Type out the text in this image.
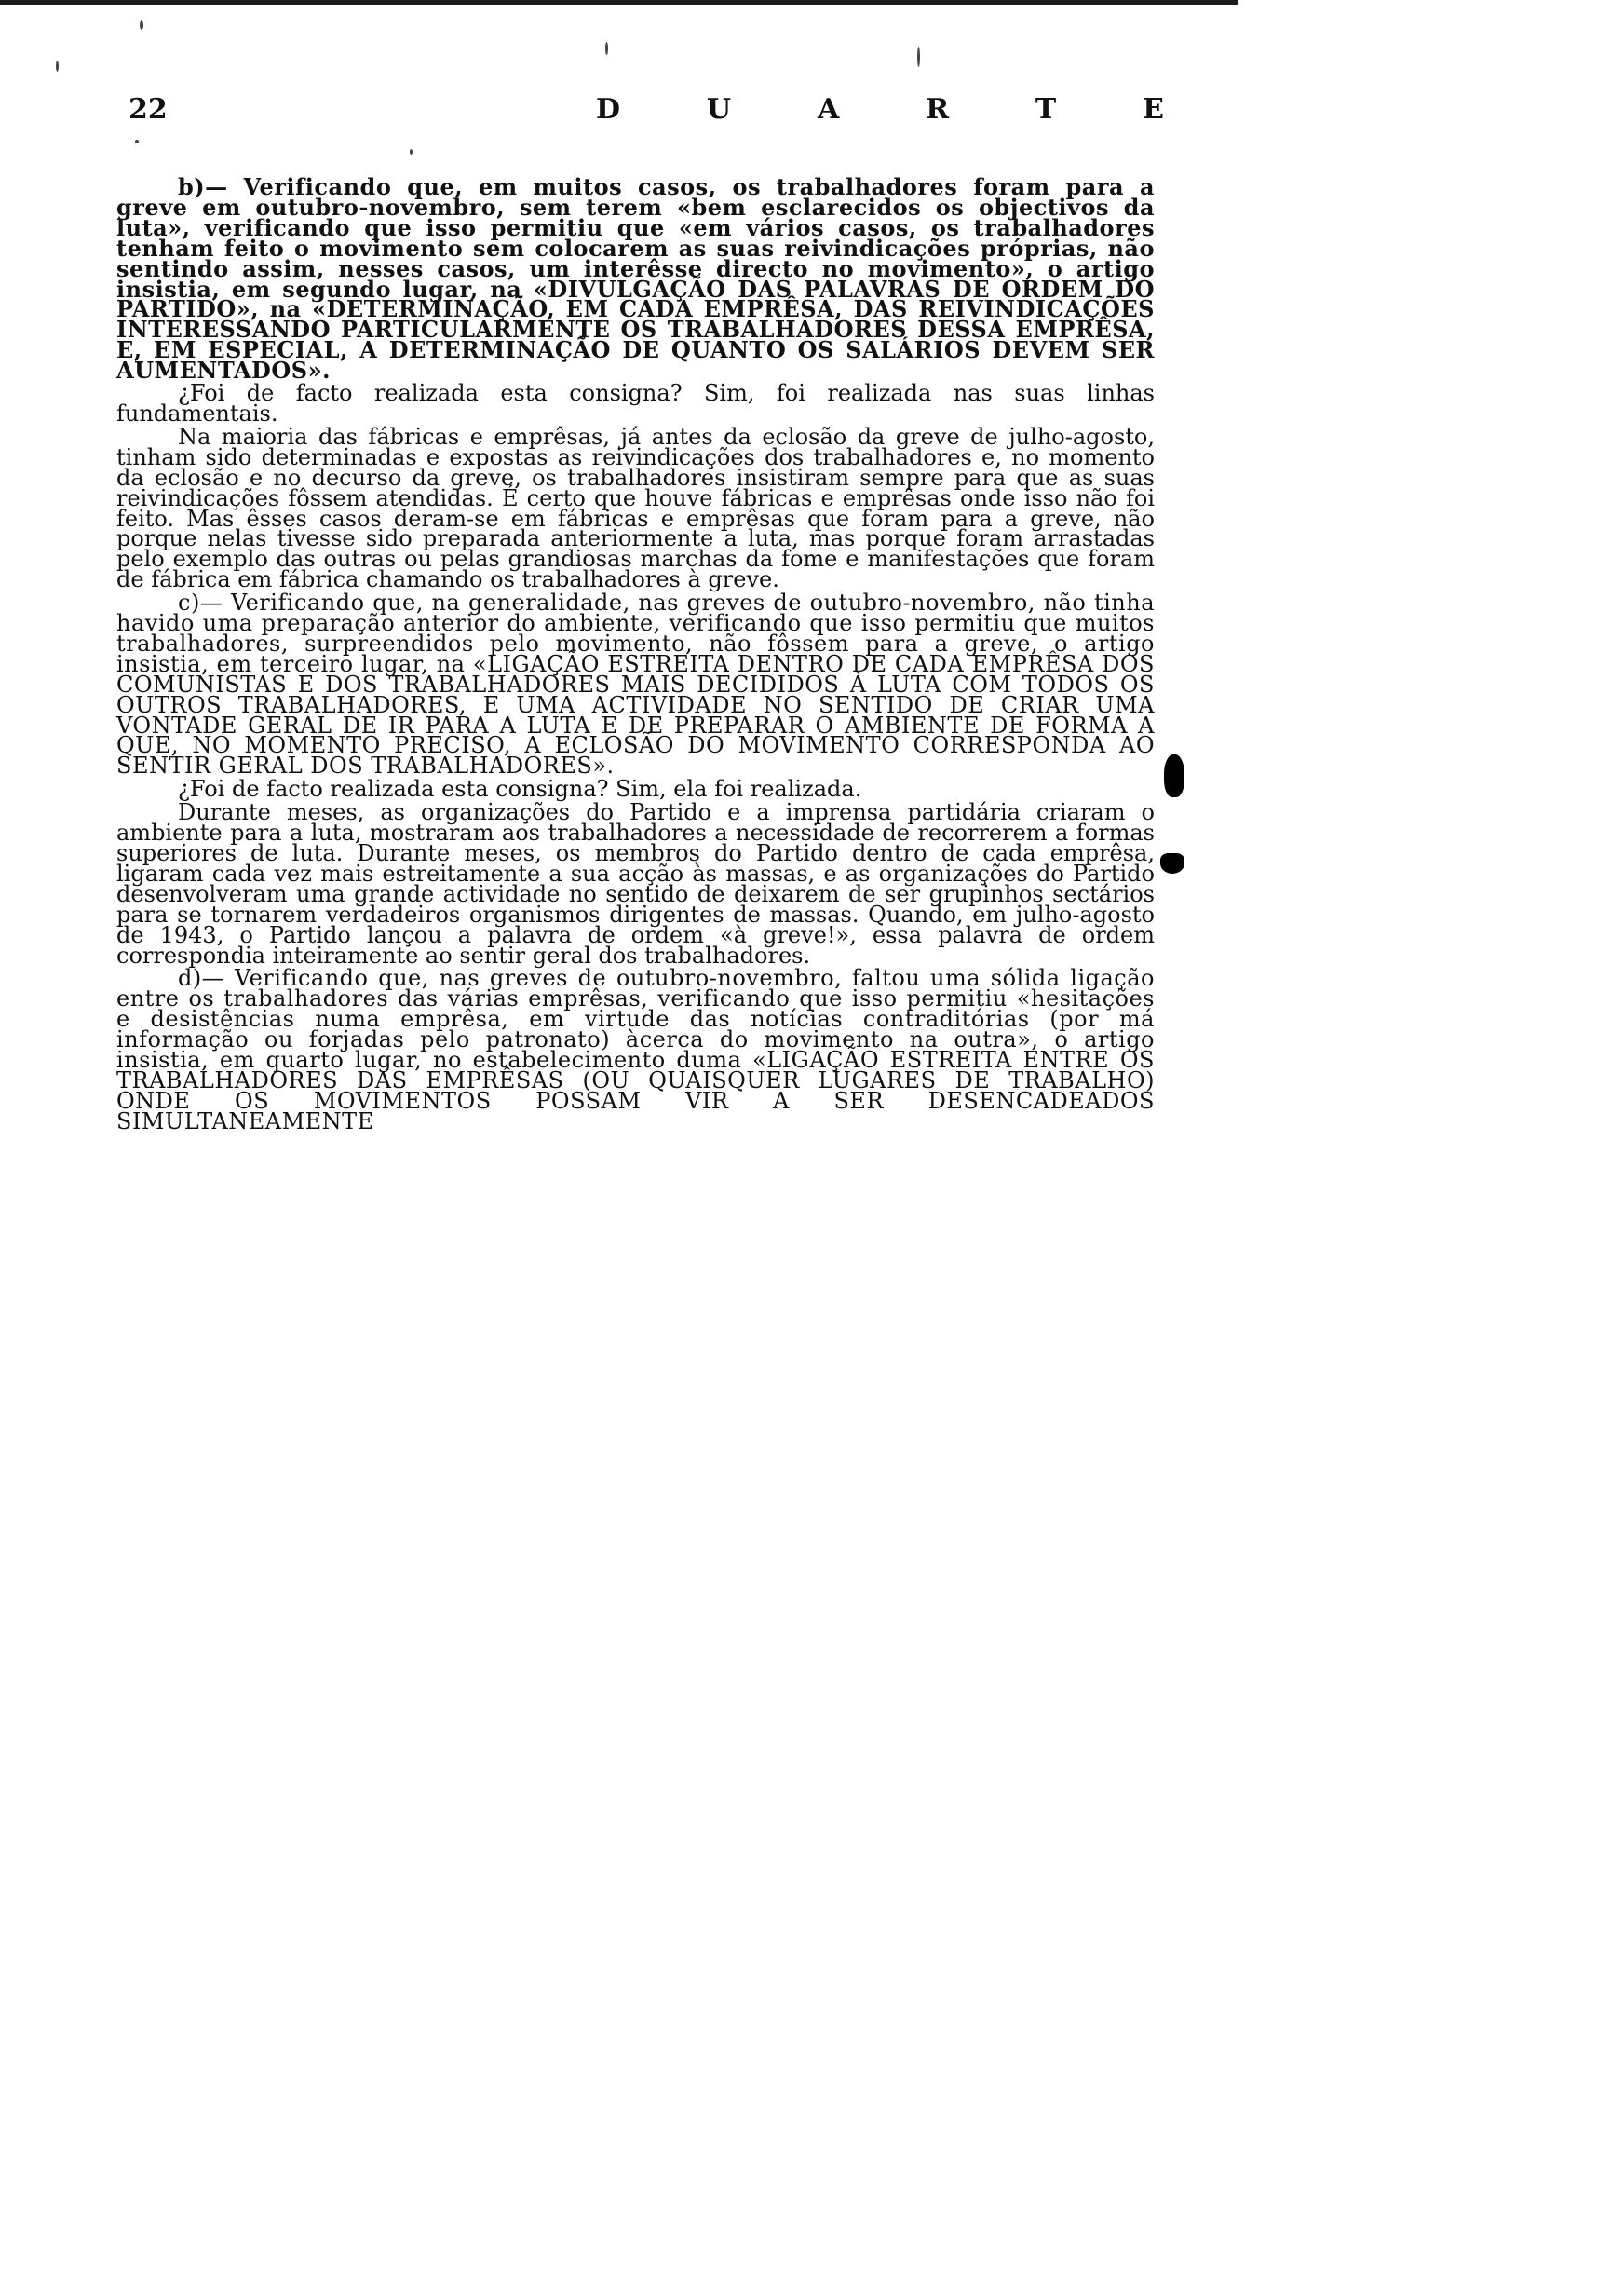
22	D	U	A	R	T	E

b)— Verificando que, em muitos casos, os trabalhadores foram para a greve em outubro-novembro, sem terem «bem esclarecidos os objectivos da luta», verificando que isso permitiu que «em vários casos, os trabalhadores tenham feito o movimento sem colocarem as suas reivindicações próprias, não sentindo assim, nesses casos, um interêsse directo no movimento», o artigo insistia, em segundo lugar, na «DIVULGAÇÃO DAS PALAVRAS DE ORDEM DO PARTIDO», na «DETERMINAÇÃO, EM CADA EMPRÊSA, DAS REIVINDICAÇÕES INTERESSANDO PARTICULARMENTE OS TRABALHADORES DESSA EMPRÊSA, E, EM ESPECIAL, A DETERMINAÇÃO DE QUANTO OS SALÁRIOS DEVEM SER AUMENTADOS».

¿Foi de facto realizada esta consigna? Sim, foi realizada nas suas linhas fundamentais.

Na maioria das fábricas e emprêsas, já antes da eclosão da greve de julho-agosto, tinham sido determinadas e expostas as reivindicações dos trabalhadores e, no momento da eclosão e no decurso da greve, os trabalhadores insistiram sempre para que as suas reivindicações fôssem atendidas. É certo que houve fábricas e emprêsas onde isso não foi feito. Mas êsses casos deram-se em fábricas e emprêsas que foram para a greve, não porque nelas tivesse sido preparada anteriormente a luta, mas porque foram arrastadas pelo exemplo das outras ou pelas grandiosas marchas da fome e manifestações que foram de fábrica em fábrica chamando os trabalhadores à greve.

c)— Verificando que, na generalidade, nas greves de outubro-novembro, não tinha havido uma preparação anterior do ambiente, verificando que isso permitiu que muitos trabalhadores, surpreendidos pelo movimento, não fôssem para a greve, o artigo insistia, em terceiro lugar, na «LIGAÇÃO ESTREITA DENTRO DE CADA EMPRÊSA DOS COMUNISTAS E DOS TRABALHADORES MAIS DECIDIDOS À LUTA COM TODOS OS OUTROS TRABALHADORES, E UMA ACTIVIDADE NO SENTIDO DE CRIAR UMA VONTADE GERAL DE IR PARA A LUTA E DE PREPARAR O AMBIENTE DE FORMA A QUE, NO MOMENTO PRECISO, A ECLOSÃO DO MOVIMENTO CORRESPONDA AO SENTIR GERAL DOS TRABALHADORES».

¿Foi de facto realizada esta consigna? Sim, ela foi realizada.

Durante meses, as organizações do Partido e a imprensa partidária criaram o ambiente para a luta, mostraram aos trabalhadores a necessidade de recorrerem a formas superiores de luta. Durante meses, os membros do Partido dentro de cada emprêsa, ligaram cada vez mais estreitamente a sua acção às massas, e as organizações do Partido desenvolveram uma grande actividade no sentido de deixarem de ser grupinhos sectários para se tornarem verdadeiros organismos dirigentes de massas. Quando, em julho-agosto de 1943, o Partido lançou a palavra de ordem «à greve!», essa palavra de ordem correspondia inteiramente ao sentir geral dos trabalhadores.

d)— Verificando que, nas greves de outubro-novembro, faltou uma sólida ligação entre os trabalhadores das várias emprêsas, verificando que isso permitiu «hesitações e desistências numa emprêsa, em virtude das notícias contraditórias (por má informação ou forjadas pelo patronato) àcerca do movimento na outra», o artigo insistia, em quarto lugar, no estabelecimento duma «LIGAÇÃO ESTREITA ENTRE OS TRABALHADORES DAS EMPRÊSAS (OU QUAISQUER LUGARES DE TRABALHO) ONDE OS MOVIMENTOS POSSAM VIR A SER DESENCADEADOS SIMULTANEAMENTE
